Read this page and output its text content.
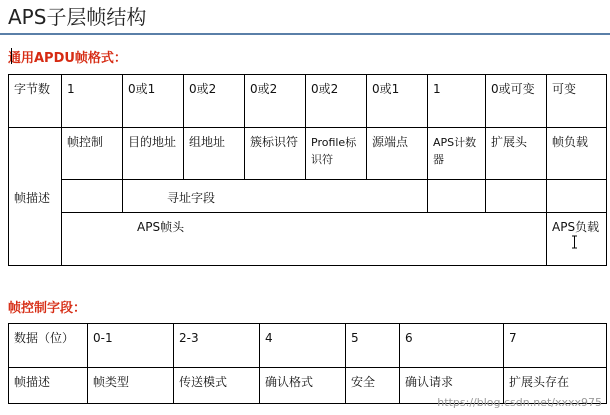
APS子层帧结构
通用APDU帧格式：
字节数	1	0或1	0或2	0或2	0或2	0或1	1	0或可变	可变
帧描述	帧控制	目的地址	组地址	簇标识符	Profile标识符	源端点	APS计数器	扩展头	帧负载
		寻址字段							
	APS帧头								APS负载
帧控制字段：
数据（位）	0-1	2-3	4	5	6	7
帧描述	帧类型	传送模式	确认格式	安全	确认请求	扩展头存在
https://blog.csdn.net/xxxx975
